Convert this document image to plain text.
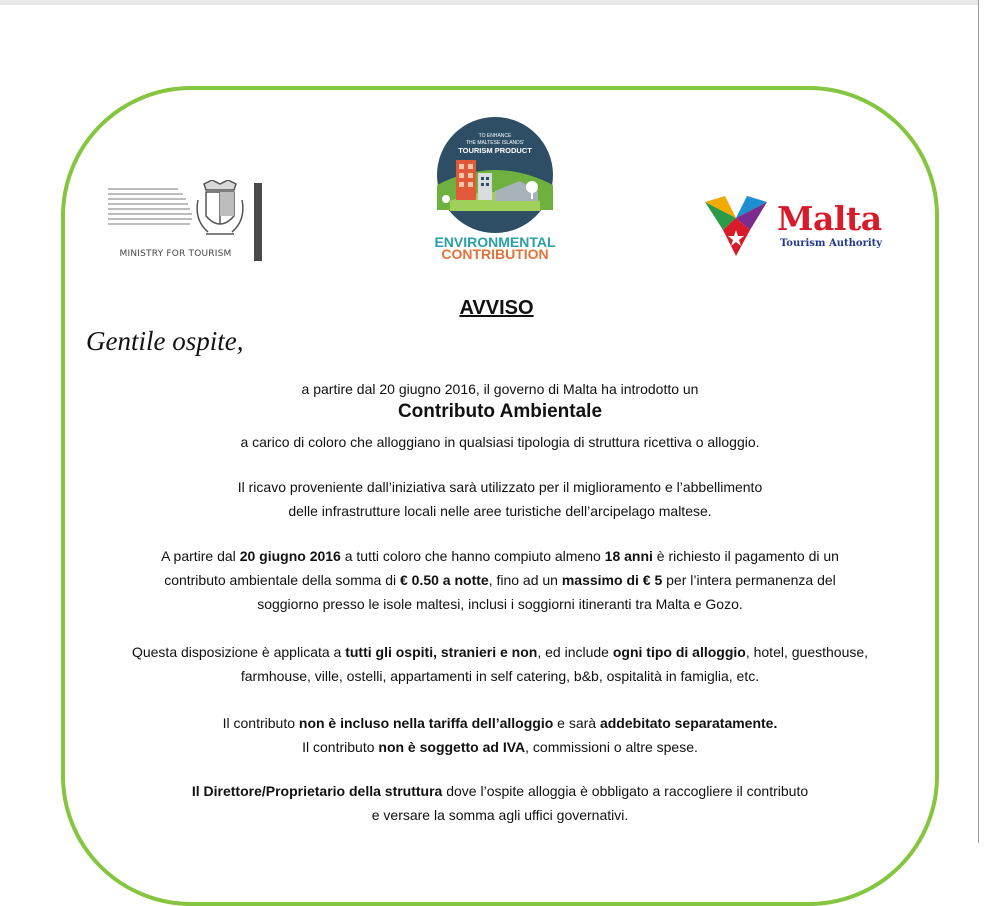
MINISTRY FOR TOURISM
TO ENHANCE
THE MALTESE ISLANDS'
TOURISM PRODUCT
ENVIRONMENTAL
CONTRIBUTION
Malta
Tourism Authority
AVVISO
Gentile ospite,
a partire dal 20 giugno 2016, il governo di Malta ha introdotto un
Contributo Ambientale
a carico di coloro che alloggiano in qualsiasi tipologia di struttura ricettiva o alloggio.
Il ricavo proveniente dall’iniziativa sarà utilizzato per il miglioramento e l’abbellimento
delle infrastrutture locali nelle aree turistiche dell’arcipelago maltese.
A partire dal 20 giugno 2016 a tutti coloro che hanno compiuto almeno 18 anni è richiesto il pagamento di un
contributo ambientale della somma di € 0.50 a notte, fino ad un massimo di € 5 per l’intera permanenza del
soggiorno presso le isole maltesi, inclusi i soggiorni itineranti tra Malta e Gozo.
Questa disposizione è applicata a tutti gli ospiti, stranieri e non, ed include ogni tipo di alloggio, hotel, guesthouse,
farmhouse, ville, ostelli, appartamenti in self catering, b&b, ospitalità in famiglia, etc.
Il contributo non è incluso nella tariffa dell’alloggio e sarà addebitato separatamente.
Il contributo non è soggetto ad IVA, commissioni o altre spese.
Il Direttore/Proprietario della struttura dove l’ospite alloggia è obbligato a raccogliere il contributo
e versare la somma agli uffici governativi.
